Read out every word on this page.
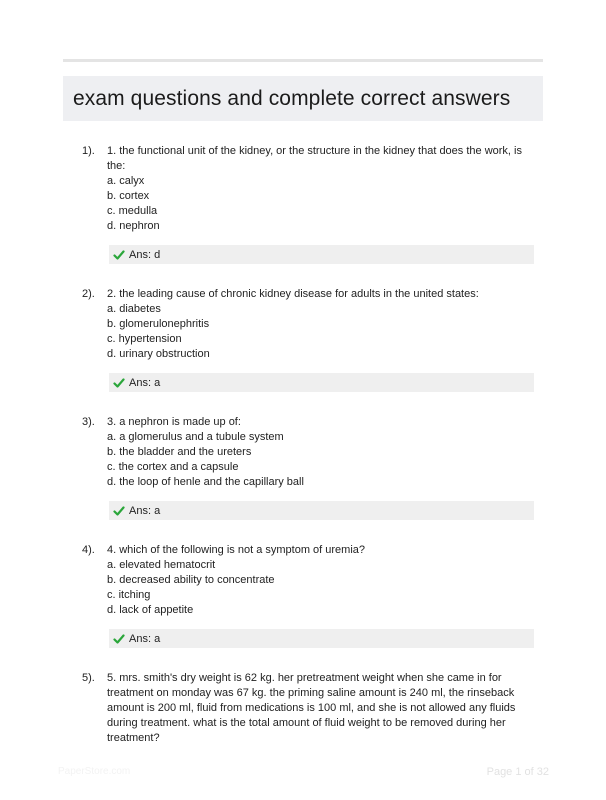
exam questions and complete correct answers
1). 1. the functional unit of the kidney, or the structure in the kidney that does the work, is the:
a. calyx
b. cortex
c. medulla
d. nephron
Ans: d
2). 2. the leading cause of chronic kidney disease for adults in the united states:
a. diabetes
b. glomerulonephritis
c. hypertension
d. urinary obstruction
Ans: a
3). 3. a nephron is made up of:
a. a glomerulus and a tubule system
b. the bladder and the ureters
c. the cortex and a capsule
d. the loop of henle and the capillary ball
Ans: a
4). 4. which of the following is not a symptom of uremia?
a. elevated hematocrit
b. decreased ability to concentrate
c. itching
d. lack of appetite
Ans: a
5). 5. mrs. smith's dry weight is 62 kg. her pretreatment weight when she came in for treatment on monday was 67 kg. the priming saline amount is 240 ml, the rinseback amount is 200 ml, fluid from medications is 100 ml, and she is not allowed any fluids during treatment. what is the total amount of fluid weight to be removed during her treatment?
PaperStore.com	Page 1 of 32
